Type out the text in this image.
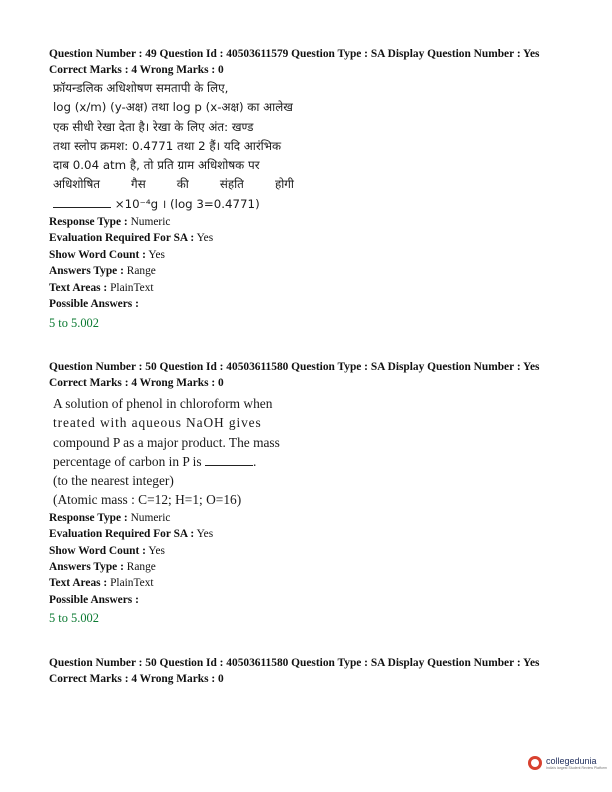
Question Number : 49 Question Id : 40503611579 Question Type : SA Display Question Number : Yes
Correct Marks : 4 Wrong Marks : 0
फ्रॉयन्डलिक अधिशोषण समतापी के लिए,
log (x/m) (y-अक्ष) तथा log p (x-अक्ष) का आलेख
एक सीधी रेखा देता है। रेखा के लिए अंत: खण्ड
तथा स्लोप क्रमश: 0.4771 तथा 2 हैं। यदि आरंभिक
दाब 0.04 atm है, तो प्रति ग्राम अधिशोषक पर
अधिशोषित	गैस	की	संहति	होगी
×10⁻⁴g । (log 3=0.4771)
Response Type : Numeric
Evaluation Required For SA : Yes
Show Word Count : Yes
Answers Type : Range
Text Areas : PlainText
Possible Answers :
5 to 5.002
Question Number : 50 Question Id : 40503611580 Question Type : SA Display Question Number : Yes
Correct Marks : 4 Wrong Marks : 0
A solution of phenol in chloroform when
treated with aqueous NaOH gives
compound P as a major product. The mass
percentage of carbon in P is	.
(to the nearest integer)
(Atomic mass : C=12; H=1; O=16)
Response Type : Numeric
Evaluation Required For SA : Yes
Show Word Count : Yes
Answers Type : Range
Text Areas : PlainText
Possible Answers :
5 to 5.002
Question Number : 50 Question Id : 40503611580 Question Type : SA Display Question Number : Yes
Correct Marks : 4 Wrong Marks : 0
collegedunia
India's largest Student Review Platform
